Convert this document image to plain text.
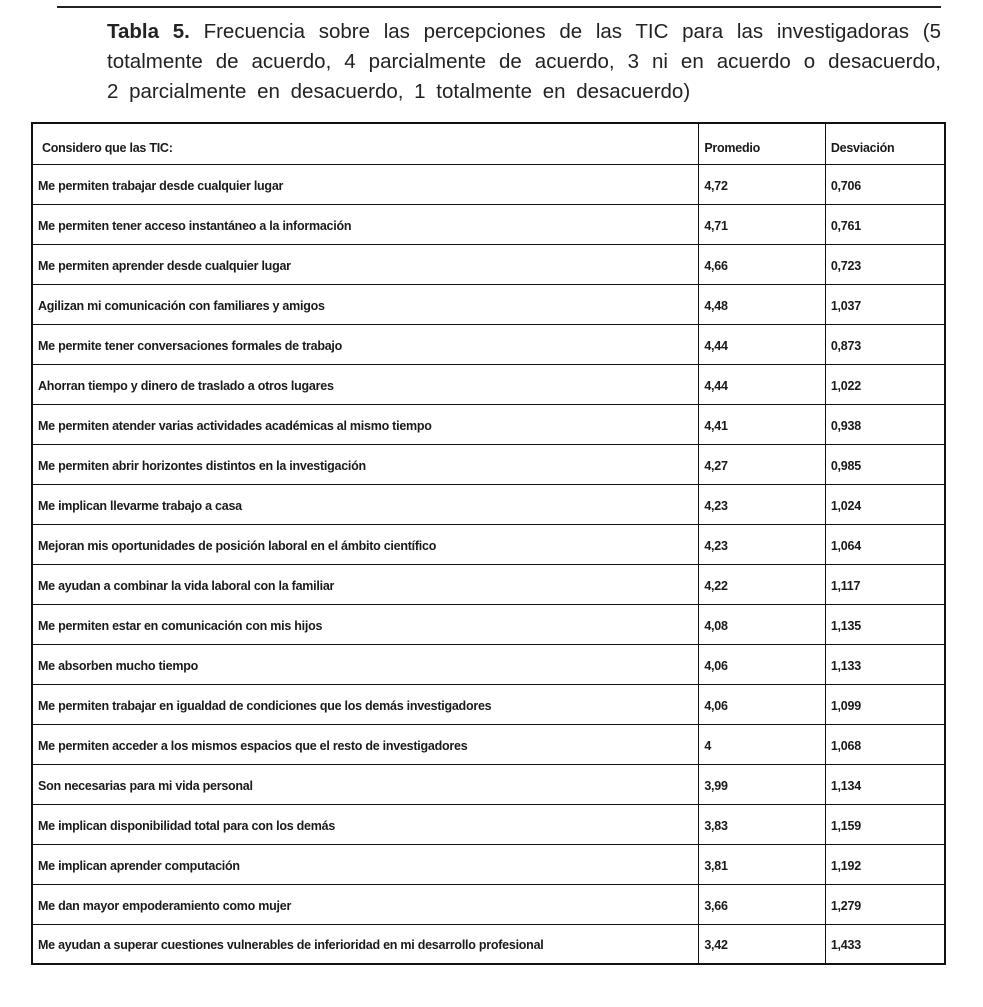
Tabla 5. Frecuencia sobre las percepciones de las TIC para las investigadoras (5
totalmente de acuerdo, 4 parcialmente de acuerdo, 3 ni en acuerdo o desacuerdo,
2 parcialmente en desacuerdo, 1 totalmente en desacuerdo)
Considero que las TIC:	Promedio	Desviación
Me permiten trabajar desde cualquier lugar	4,72	0,706
Me permiten tener acceso instantáneo a la información	4,71	0,761
Me permiten aprender desde cualquier lugar	4,66	0,723
Agilizan mi comunicación con familiares y amigos	4,48	1,037
Me permite tener conversaciones formales de trabajo	4,44	0,873
Ahorran tiempo y dinero de traslado a otros lugares	4,44	1,022
Me permiten atender varias actividades académicas al mismo tiempo	4,41	0,938
Me permiten abrir horizontes distintos en la investigación	4,27	0,985
Me implican llevarme trabajo a casa	4,23	1,024
Mejoran mis oportunidades de posición laboral en el ámbito científico	4,23	1,064
Me ayudan a combinar la vida laboral con la familiar	4,22	1,117
Me permiten estar en comunicación con mis hijos	4,08	1,135
Me absorben mucho tiempo	4,06	1,133
Me permiten trabajar en igualdad de condiciones que los demás investigadores	4,06	1,099
Me permiten acceder a los mismos espacios que el resto de investigadores	4	1,068
Son necesarias para mi vida personal	3,99	1,134
Me implican disponibilidad total para con los demás	3,83	1,159
Me implican aprender computación	3,81	1,192
Me dan mayor empoderamiento como mujer	3,66	1,279
Me ayudan a superar cuestiones vulnerables de inferioridad en mi desarrollo profesional	3,42	1,433
